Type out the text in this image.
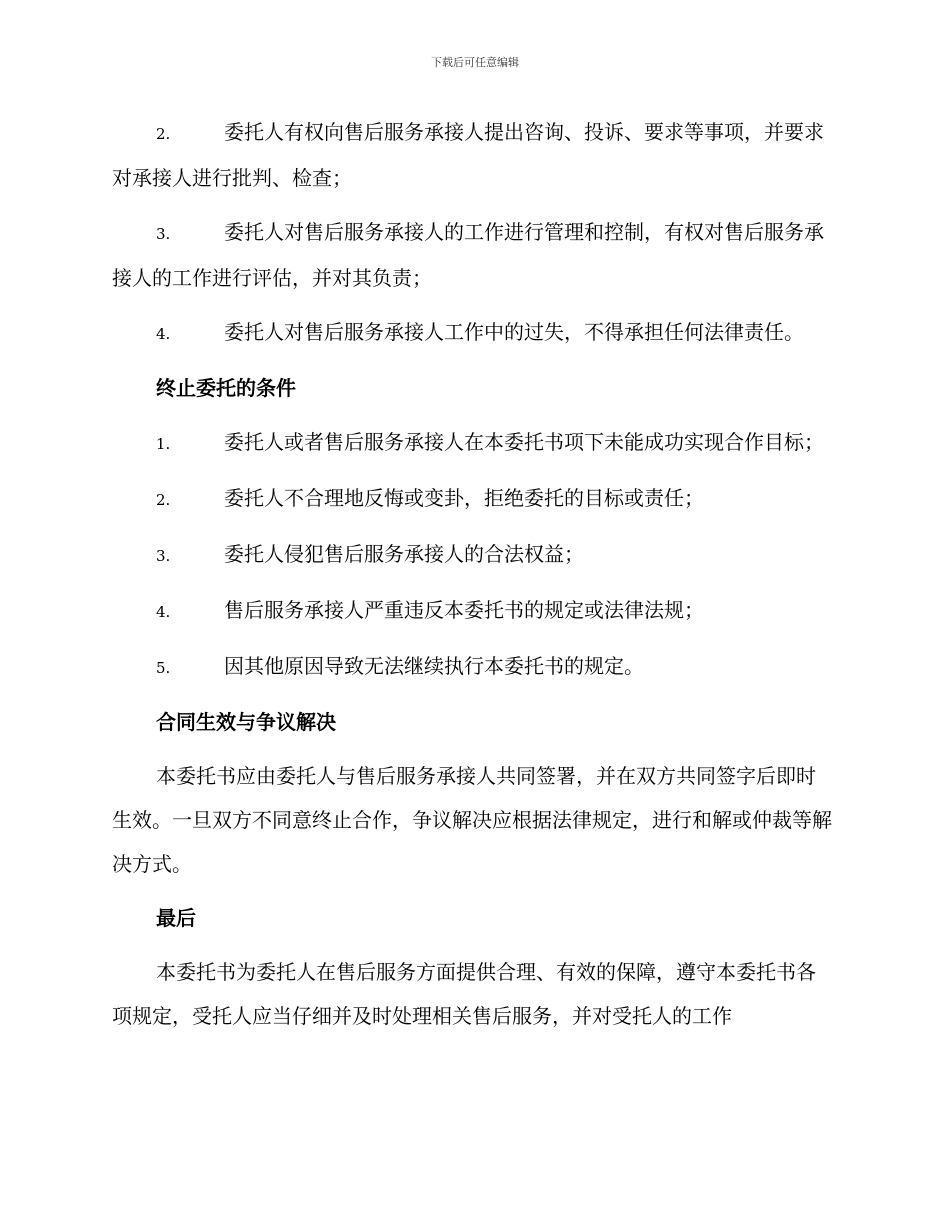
下载后可任意编辑
2.	委托人有权向售后服务承接人提出咨询、投诉、要求等事项，并要求对承接人进行批判、检查；
3.	委托人对售后服务承接人的工作进行管理和控制，有权对售后服务承接人的工作进行评估，并对其负责；
4.	委托人对售后服务承接人工作中的过失，不得承担任何法律责任。
终止委托的条件
1.	委托人或者售后服务承接人在本委托书项下未能成功实现合作目标；
2.	委托人不合理地反悔或变卦，拒绝委托的目标或责任；
3.	委托人侵犯售后服务承接人的合法权益；
4.	售后服务承接人严重违反本委托书的规定或法律法规；
5.	因其他原因导致无法继续执行本委托书的规定。
合同生效与争议解决
本委托书应由委托人与售后服务承接人共同签署，并在双方共同签字后即时生效。一旦双方不同意终止合作，争议解决应根据法律规定，进行和解或仲裁等解决方式。
最后
本委托书为委托人在售后服务方面提供合理、有效的保障，遵守本委托书各项规定，受托人应当仔细并及时处理相关售后服务，并对受托人的工作
